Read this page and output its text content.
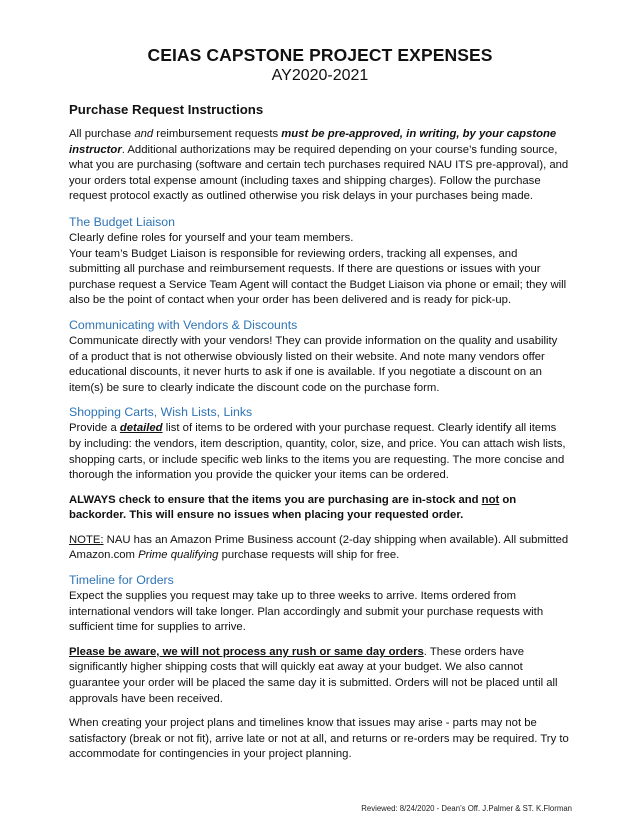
CEIAS CAPSTONE PROJECT EXPENSES
AY2020-2021
Purchase Request Instructions

All purchase and reimbursement requests must be pre-approved, in writing, by your capstone instructor. Additional authorizations may be required depending on your course’s funding source, what you are purchasing (software and certain tech purchases required NAU ITS pre-approval), and your orders total expense amount (including taxes and shipping charges). Follow the purchase request protocol exactly as outlined otherwise you risk delays in your purchases being made.

The Budget Liaison

Clearly define roles for yourself and your team members.

Your team’s Budget Liaison is responsible for reviewing orders, tracking all expenses, and submitting all purchase and reimbursement requests. If there are questions or issues with your purchase request a Service Team Agent will contact the Budget Liaison via phone or email; they will also be the point of contact when your order has been delivered and is ready for pick-up.

Communicating with Vendors & Discounts

Communicate directly with your vendors! They can provide information on the quality and usability of a product that is not otherwise obviously listed on their website. And note many vendors offer educational discounts, it never hurts to ask if one is available. If you negotiate a discount on an item(s) be sure to clearly indicate the discount code on the purchase form.

Shopping Carts, Wish Lists, Links

Provide a detailed list of items to be ordered with your purchase request. Clearly identify all items by including: the vendors, item description, quantity, color, size, and price. You can attach wish lists, shopping carts, or include specific web links to the items you are requesting. The more concise and thorough the information you provide the quicker your items can be ordered.

ALWAYS check to ensure that the items you are purchasing are in-stock and not on backorder. This will ensure no issues when placing your requested order.

NOTE: NAU has an Amazon Prime Business account (2-day shipping when available). All submitted Amazon.com Prime qualifying purchase requests will ship for free.

Timeline for Orders

Expect the supplies you request may take up to three weeks to arrive. Items ordered from international vendors will take longer. Plan accordingly and submit your purchase requests with sufficient time for supplies to arrive.

Please be aware, we will not process any rush or same day orders. These orders have significantly higher shipping costs that will quickly eat away at your budget. We also cannot guarantee your order will be placed the same day it is submitted. Orders will not be placed until all approvals have been received.

When creating your project plans and timelines know that issues may arise - parts may not be satisfactory (break or not fit), arrive late or not at all, and returns or re-orders may be required. Try to accommodate for contingencies in your project planning.

Reviewed: 8/24/2020 - Dean’s Off. J.Palmer & ST. K.Florman
